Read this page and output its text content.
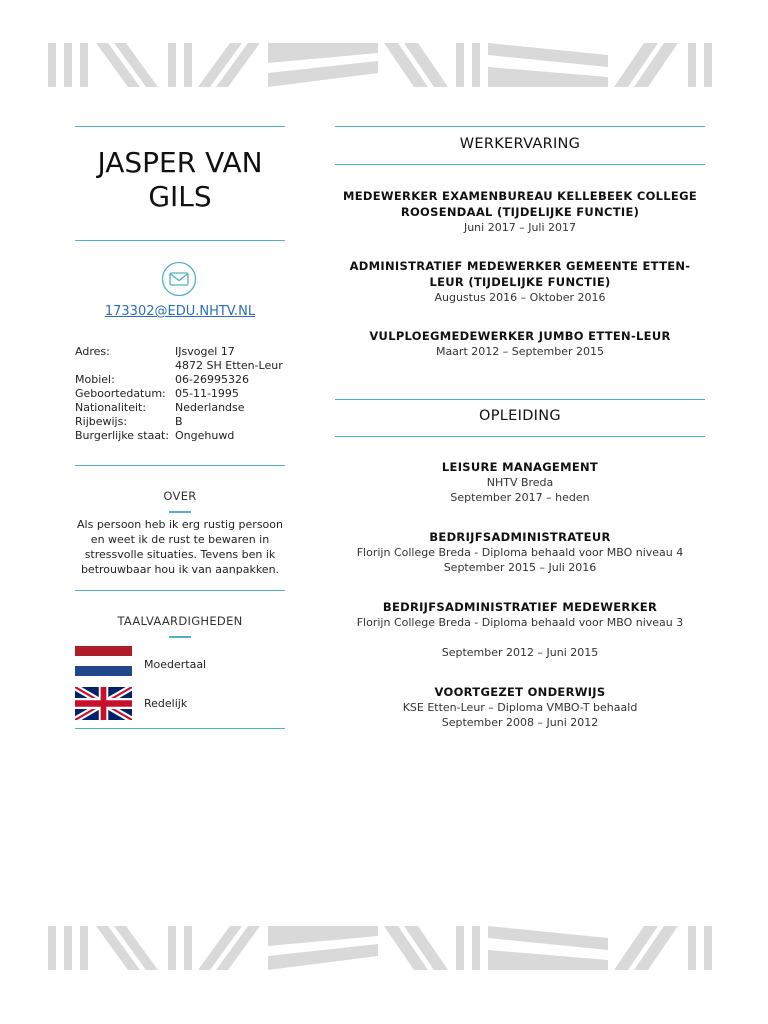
JASPER VAN GILS
173302@EDU.NHTV.NL
Adres:	IJsvogel 17
4872 SH Etten-Leur
Mobiel:	06-26995326
Geboortedatum: 05-11-1995
Nationaliteit:	Nederlandse
Rijbewijs:	B
Burgerlijke staat: Ongehuwd
OVER
Als persoon heb ik erg rustig persoon
en weet ik de rust te bewaren in
stressvolle situaties. Tevens ben ik
betrouwbaar hou ik van aanpakken.
TAALVAARDIGHEDEN
Moedertaal
Redelijk
WERKERVARING
MEDEWERKER EXAMENBUREAU KELLEBEEK COLLEGE
ROOSENDAAL (TIJDELIJKE FUNCTIE)
Juni 2017 – Juli 2017
ADMINISTRATIEF MEDEWERKER GEMEENTE ETTEN-
LEUR (TIJDELIJKE FUNCTIE)
Augustus 2016 – Oktober 2016
VULPLOEGMEDEWERKER JUMBO ETTEN-LEUR
Maart 2012 – September 2015
OPLEIDING
LEISURE MANAGEMENT
NHTV Breda
September 2017 – heden
BEDRIJFSADMINISTRATEUR
Florijn College Breda - Diploma behaald voor MBO niveau 4
September 2015 – Juli 2016
BEDRIJFSADMINISTRATIEF MEDEWERKER
Florijn College Breda - Diploma behaald voor MBO niveau 3
September 2012 – Juni 2015
VOORTGEZET ONDERWIJS
KSE Etten-Leur – Diploma VMBO-T behaald
September 2008 – Juni 2012
